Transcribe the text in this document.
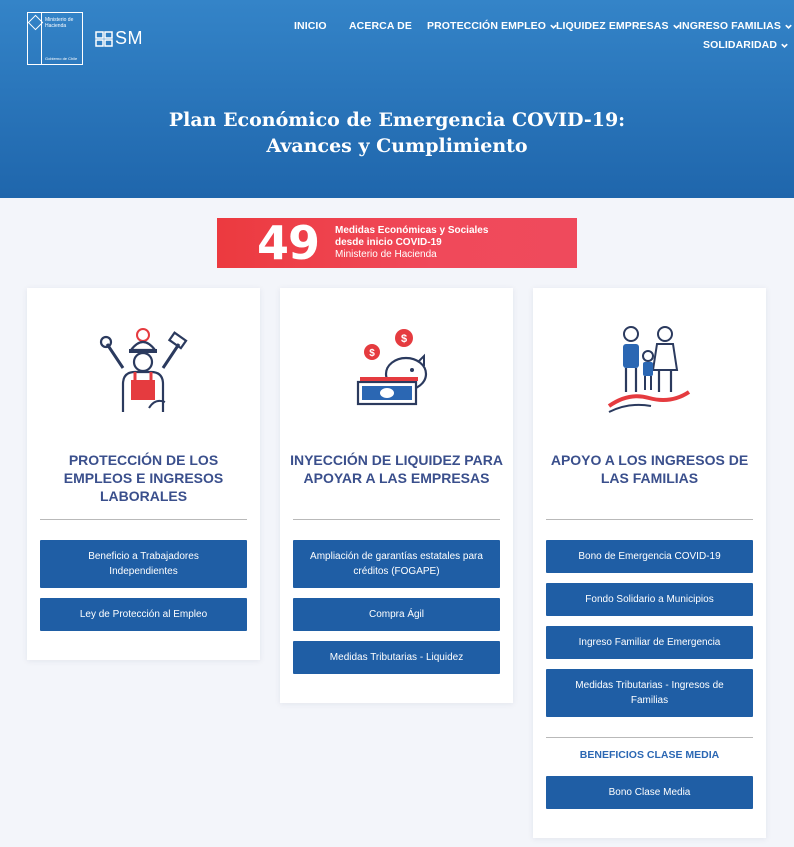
Ministerio de
Hacienda
Gobierno de Chile
SM
INICIO ACERCA DE PROTECCIÓN EMPLEO LIQUIDEZ EMPRESAS INGRESO FAMILIAS
SOLIDARIDAD
Plan Económico de Emergencia COVID-19:
Avances y Cumplimiento
49 Medidas Económicas y Sociales
desde inicio COVID-19
Ministerio de Hacienda
PROTECCIÓN DE LOS EMPLEOS E INGRESOS LABORALES
Beneficio a Trabajadores Independientes
Ley de Protección al Empleo
$
$
INYECCIÓN DE LIQUIDEZ PARA APOYAR A LAS EMPRESAS
Ampliación de garantías estatales para créditos (FOGAPE)
Compra Ágil
Medidas Tributarias - Liquidez
APOYO A LOS INGRESOS DE LAS FAMILIAS
Bono de Emergencia COVID-19
Fondo Solidario a Municipios
Ingreso Familiar de Emergencia
Medidas Tributarias - Ingresos de Familias
BENEFICIOS CLASE MEDIA
Bono Clase Media
